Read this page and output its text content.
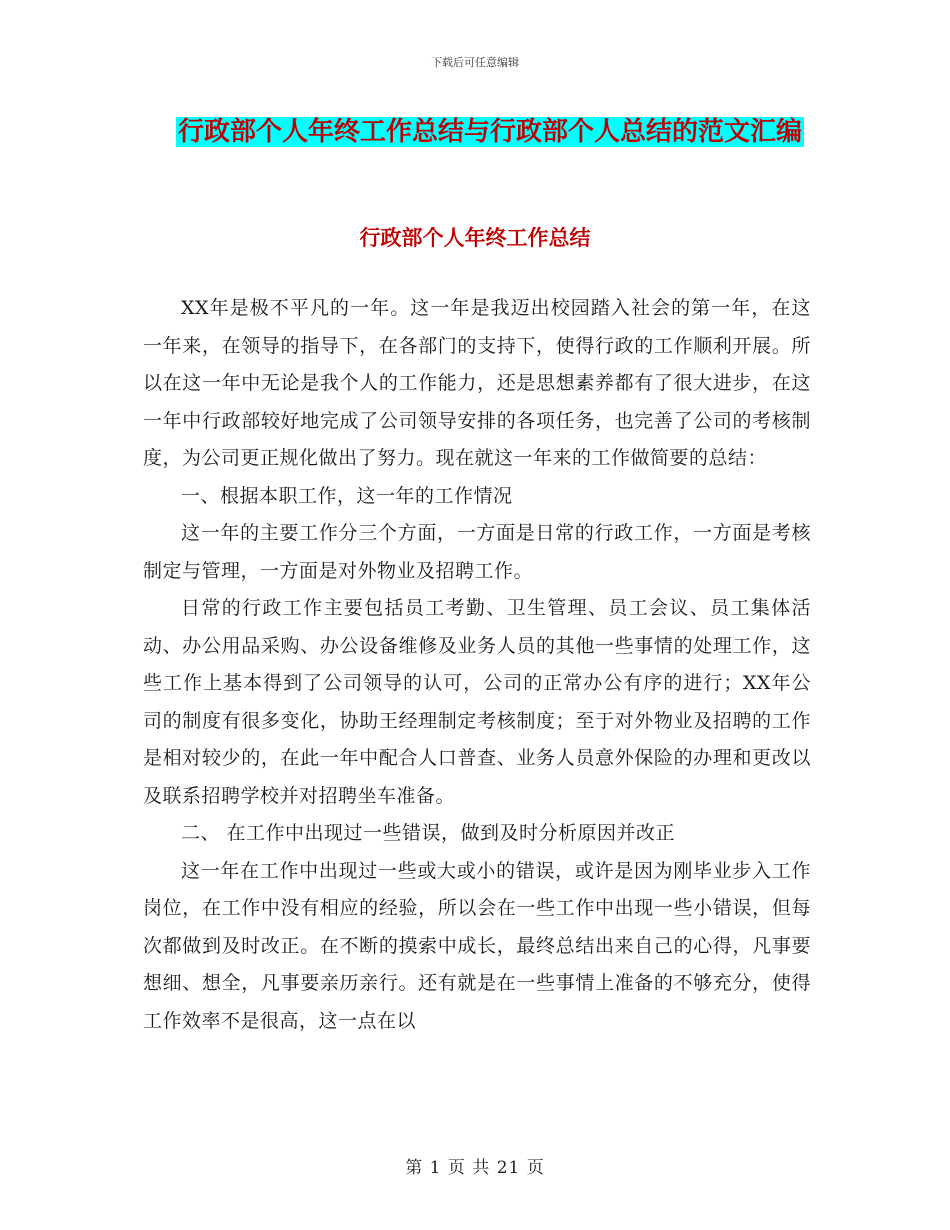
下载后可任意编辑
行政部个人年终工作总结与行政部个人总结的范文汇编
行政部个人年终工作总结

XX年是极不平凡的一年。这一年是我迈出校园踏入社会的第一年，在这一年来，在领导的指导下，在各部门的支持下，使得行政的工作顺利开展。所以在这一年中无论是我个人的工作能力，还是思想素养都有了很大进步，在这一年中行政部较好地完成了公司领导安排的各项任务，也完善了公司的考核制度，为公司更正规化做出了努力。现在就这一年来的工作做简要的总结：

一、根据本职工作，这一年的工作情况

这一年的主要工作分三个方面，一方面是日常的行政工作，一方面是考核制定与管理，一方面是对外物业及招聘工作。

日常的行政工作主要包括员工考勤、卫生管理、员工会议、员工集体活动、办公用品采购、办公设备维修及业务人员的其他一些事情的处理工作，这些工作上基本得到了公司领导的认可，公司的正常办公有序的进行；XX年公司的制度有很多变化，协助王经理制定考核制度；至于对外物业及招聘的工作是相对较少的，在此一年中配合人口普查、业务人员意外保险的办理和更改以及联系招聘学校并对招聘坐车准备。

二、 在工作中出现过一些错误，做到及时分析原因并改正

这一年在工作中出现过一些或大或小的错误，或许是因为刚毕业步入工作岗位，在工作中没有相应的经验，所以会在一些工作中出现一些小错误，但每次都做到及时改正。在不断的摸索中成长，最终总结出来自己的心得，凡事要想细、想全，凡事要亲历亲行。还有就是在一些事情上准备的不够充分，使得工作效率不是很高，这一点在以

第 1 页 共 21 页
